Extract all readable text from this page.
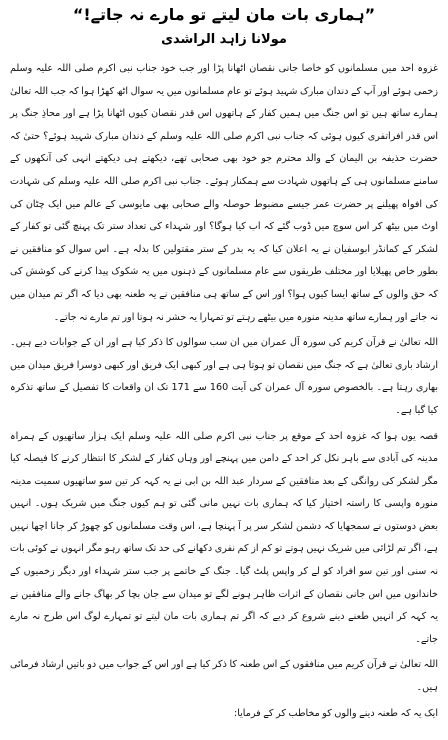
”ہماری بات مان لیتے تو مارے نہ جاتے!“
مولانا زاہد الراشدی

غزوہ احد میں مسلمانوں کو خاصا جانی نقصان اٹھانا پڑا اور جب خود جناب نبی اکرم صلی اللہ علیہ وسلم زخمی ہوئے اور آپ کے دندان مبارک شہید ہوئے تو عام مسلمانوں میں یہ سوال اٹھ کھڑا ہوا کہ جب اللہ تعالیٰ ہمارے ساتھ ہیں تو اس جنگ میں ہمیں کفار کے ہاتھوں اس قدر نقصان کیوں اٹھانا پڑا ہے اور محاذِ جنگ پر اس قدر افراتفری کیوں ہوئی کہ جناب نبی اکرم صلی اللہ علیہ وسلم کے دندان مبارک شہید ہوئے؟ حتیٰ کہ حضرت حذیفہ بن الیمان کے والد محترم جو خود بھی صحابی تھے، دیکھتے ہی دیکھتے انہی کی آنکھوں کے سامنے مسلمانوں ہی کے ہاتھوں شہادت سے ہمکنار ہوئے۔ جناب نبی اکرم صلی اللہ علیہ وسلم کی شہادت کی افواہ پھیلنے پر حضرت عمر جیسے مضبوط حوصلہ والے صحابی بھی مایوسی کے عالم میں ایک چٹان کی اوٹ میں بیٹھ کر اس سوچ میں ڈوب گئے کہ اب کیا ہوگا؟ اور شہداء کی تعداد ستر تک پہنچ گئی تو کفار کے لشکر کے کمانڈر ابوسفیان نے یہ اعلان کیا کہ یہ بدر کے ستر مقتولین کا بدلہ ہے۔ اس سوال کو منافقین نے بطور خاص پھیلایا اور مختلف طریقوں سے عام مسلمانوں کے ذہنوں میں یہ شکوک پیدا کرنے کی کوشش کی کہ حق والوں کے ساتھ ایسا کیوں ہوا؟ اور اس کے ساتھ ہی منافقین نے یہ طعنہ بھی دیا کہ اگر تم میدان میں نہ جاتے اور ہمارے ساتھ مدینہ منورہ میں بیٹھے رہتے تو تمہارا یہ حشر نہ ہوتا اور تم مارے نہ جاتے۔

اللہ تعالیٰ نے قرآن کریم کی سورہ آل عمران میں ان سب سوالوں کا ذکر کیا ہے اور ان کے جوابات دیے ہیں۔ ارشاد باری تعالیٰ ہے کہ جنگ میں نقصان تو ہوتا ہی ہے اور کبھی ایک فریق اور کبھی دوسرا فریق میدان میں بھاری رہتا ہے۔ بالخصوص سورہ آل عمران کی آیت 160 سے 171 تک ان واقعات کا تفصیل کے ساتھ تذکرہ کیا گیا ہے۔

قصہ یوں ہوا کہ غزوہ احد کے موقع پر جناب نبی اکرم صلی اللہ علیہ وسلم ایک ہزار ساتھیوں کے ہمراہ مدینہ کی آبادی سے باہر نکل کر احد کے دامن میں پہنچے اور وہاں کفار کے لشکر کا انتظار کرنے کا فیصلہ کیا مگر لشکر کی روانگی کے بعد منافقین کے سردار عبد اللہ بن ابی نے یہ کہہ کر تین سو ساتھیوں سمیت مدینہ منورہ واپسی کا راستہ اختیار کیا کہ ہماری بات نہیں مانی گئی تو ہم کیوں جنگ میں شریک ہوں۔ انہیں بعض دوستوں نے سمجھایا کہ دشمن لشکر سر پر آ پہنچا ہے، اس وقت مسلمانوں کو چھوڑ کر جانا اچھا نہیں ہے، اگر تم لڑائی میں شریک نہیں ہوتے تو کم از کم نفری دکھانے کی حد تک ساتھ رہو مگر انہوں نے کوئی بات نہ سنی اور تین سو افراد کو لے کر واپس پلٹ گیا۔ جنگ کے خاتمے پر جب ستر شہداء اور دیگر زخمیوں کے خاندانوں میں اس جانی نقصان کے اثرات ظاہر ہونے لگے تو میدان سے جان بچا کر بھاگ جانے والے منافقین نے یہ کہہ کر انہیں طعنے دینے شروع کر دیے کہ اگر تم ہماری بات مان لیتے تو تمہارے لوگ اس طرح نہ مارے جاتے۔

اللہ تعالیٰ نے قرآن کریم میں منافقوں کے اس طعنہ کا ذکر کیا ہے اور اس کے جواب میں دو باتیں ارشاد فرمائی ہیں۔

ایک یہ کہ طعنہ دینے والوں کو مخاطب کر کے فرمایا:
